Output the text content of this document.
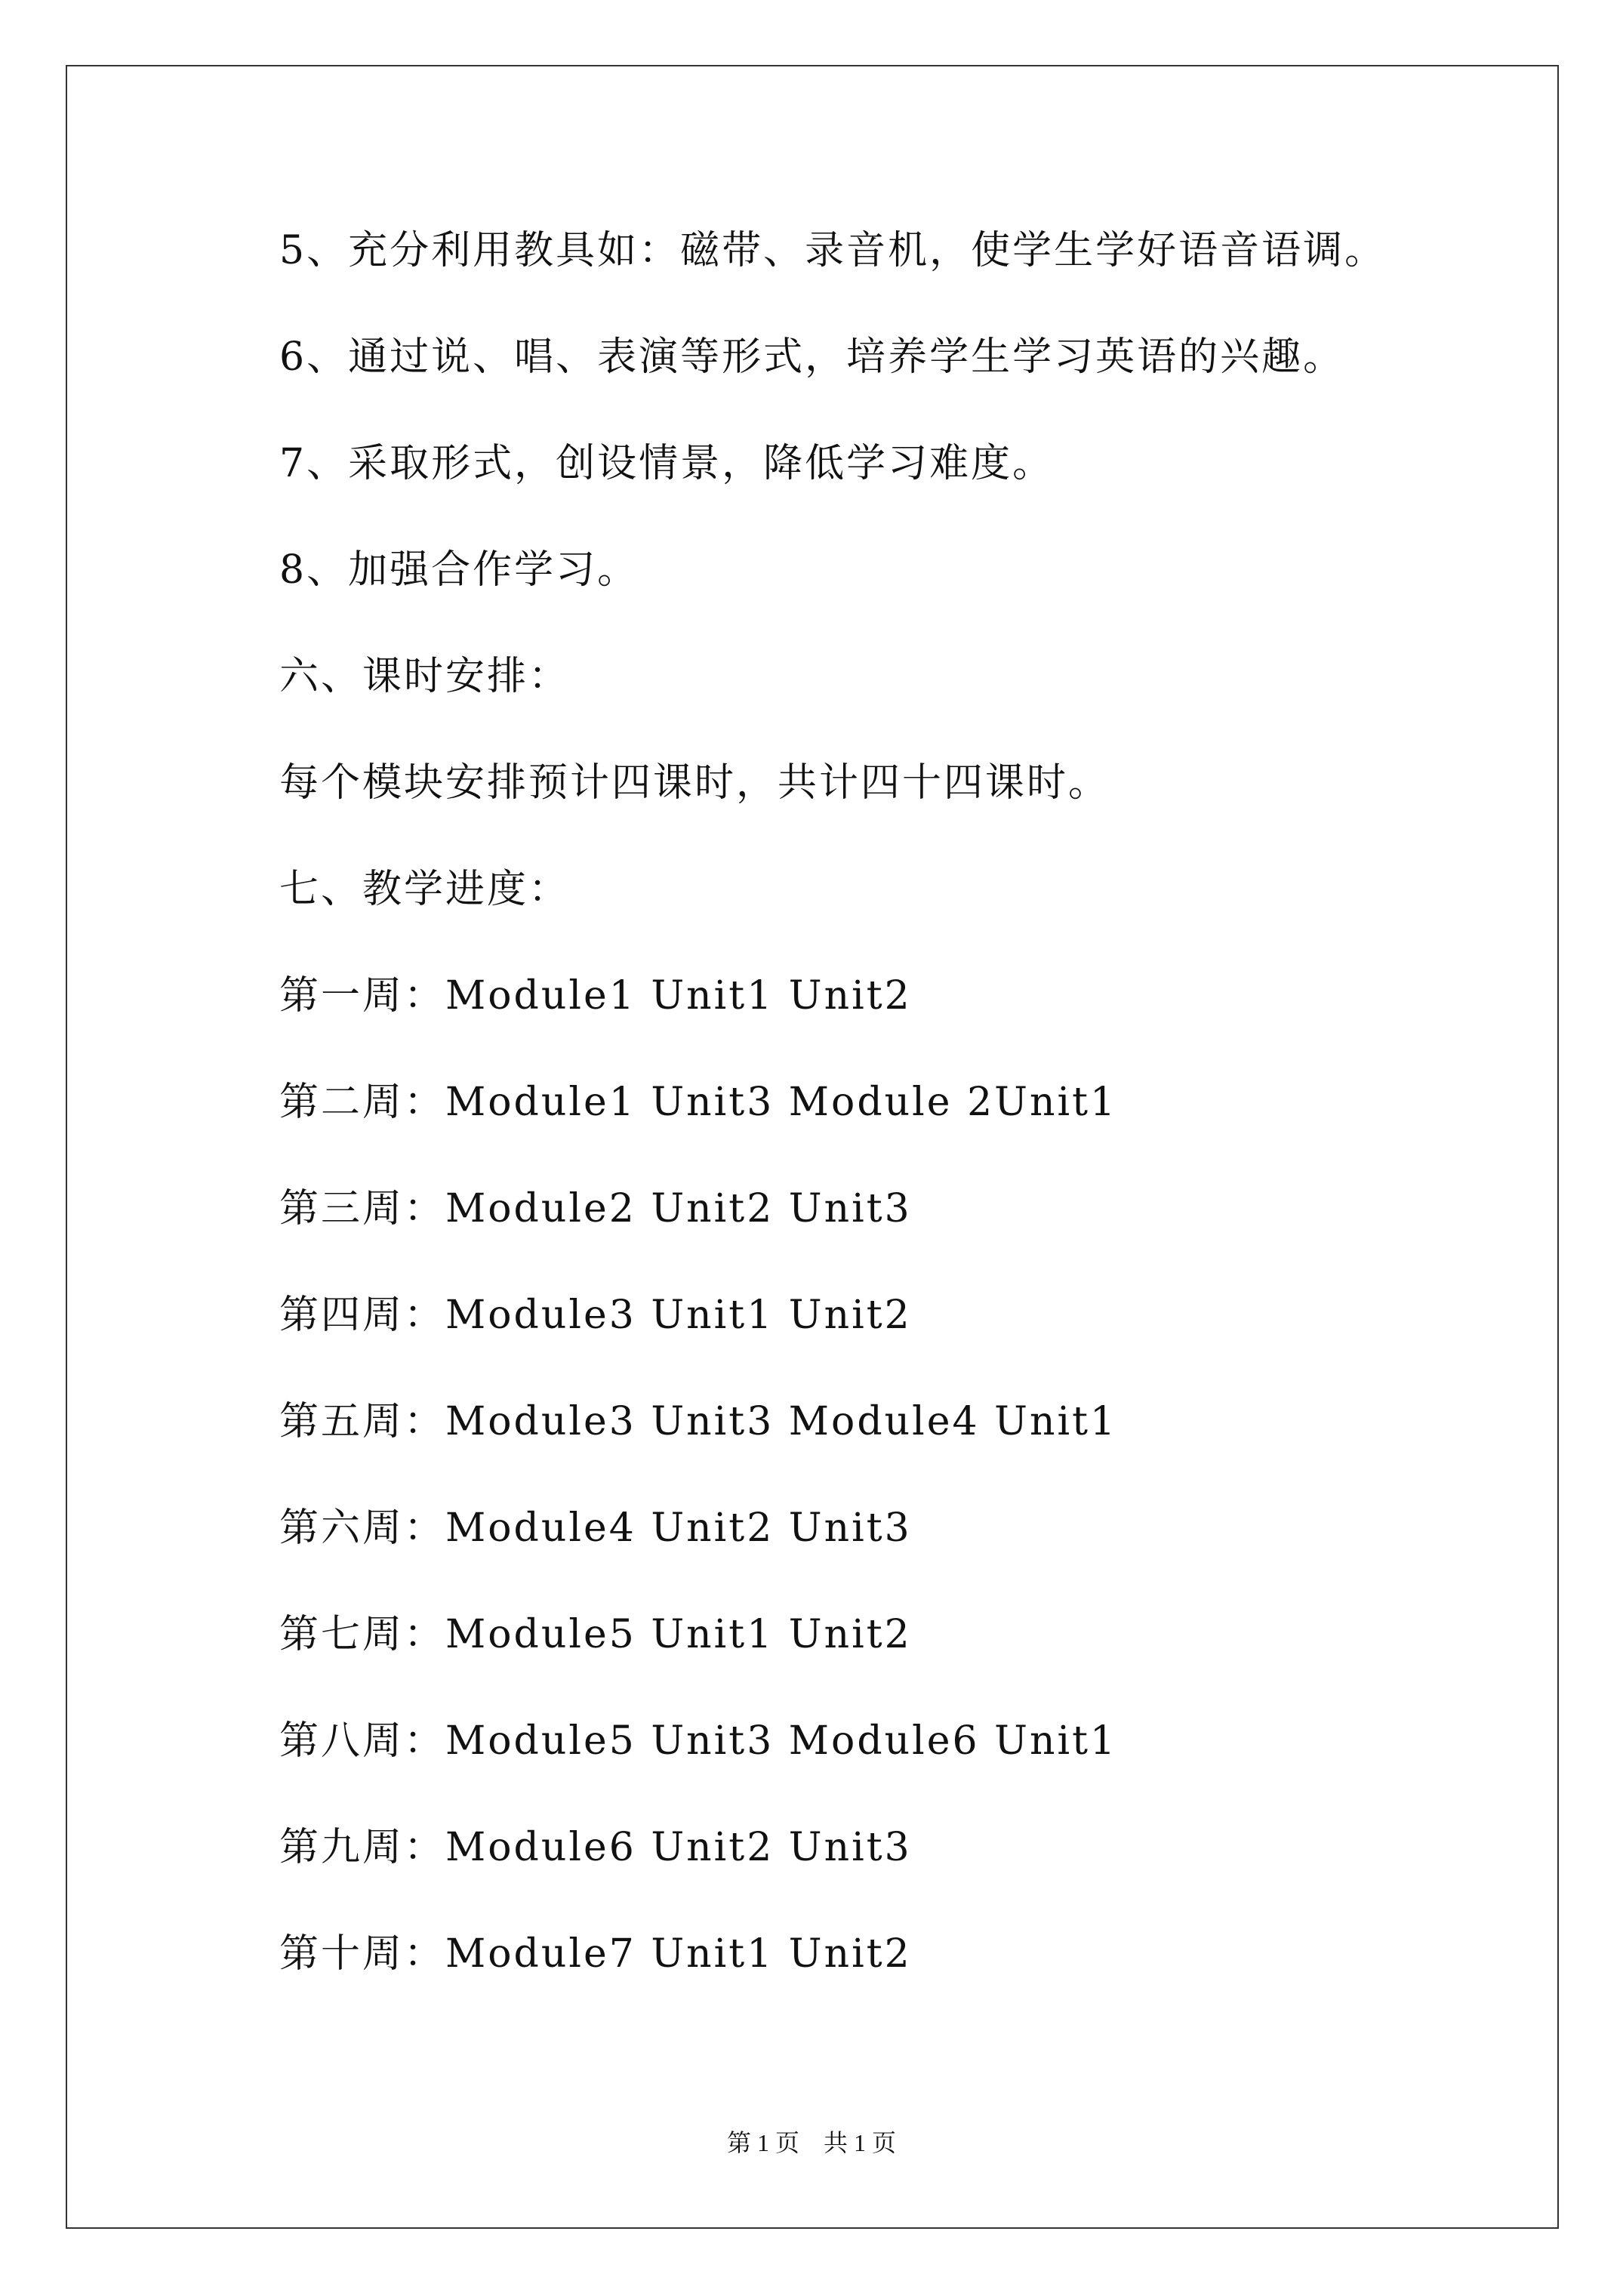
5、充分利用教具如：磁带、录音机，使学生学好语音语调。
6、通过说、唱、表演等形式，培养学生学习英语的兴趣。
7、采取形式，创设情景，降低学习难度。
8、加强合作学习。
六、课时安排：
每个模块安排预计四课时，共计四十四课时。
七、教学进度：
第一周：Module1 Unit1 Unit2
第二周：Module1 Unit3 Module 2Unit1
第三周：Module2 Unit2 Unit3
第四周：Module3 Unit1 Unit2
第五周：Module3 Unit3 Module4 Unit1
第六周：Module4 Unit2 Unit3
第七周：Module5 Unit1 Unit2
第八周：Module5 Unit3 Module6 Unit1
第九周：Module6 Unit2 Unit3
第十周：Module7 Unit1 Unit2
第 1 页　共 1 页
